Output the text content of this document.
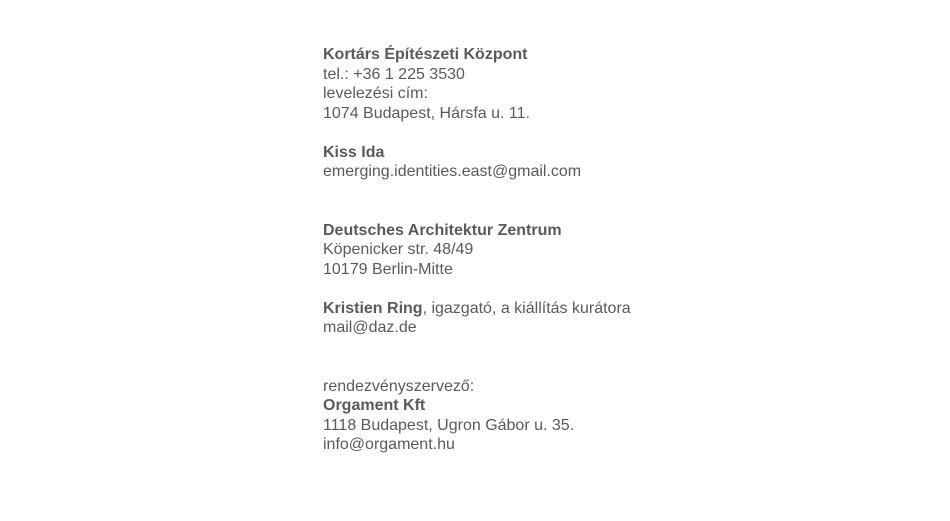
Kortárs Építészeti Központ
tel.: +36 1 225 3530
levelezési cím:
1074 Budapest, Hársfa u. 11.
Kiss Ida
emerging.identities.east@gmail.com
Deutsches Architektur Zentrum
Köpenicker str. 48/49
10179 Berlin-Mitte
Kristien Ring, igazgató, a kiállítás kurátora
mail@daz.de
rendezvényszervező:
Orgament Kft
1118 Budapest, Ugron Gábor u. 35.
info@orgament.hu
